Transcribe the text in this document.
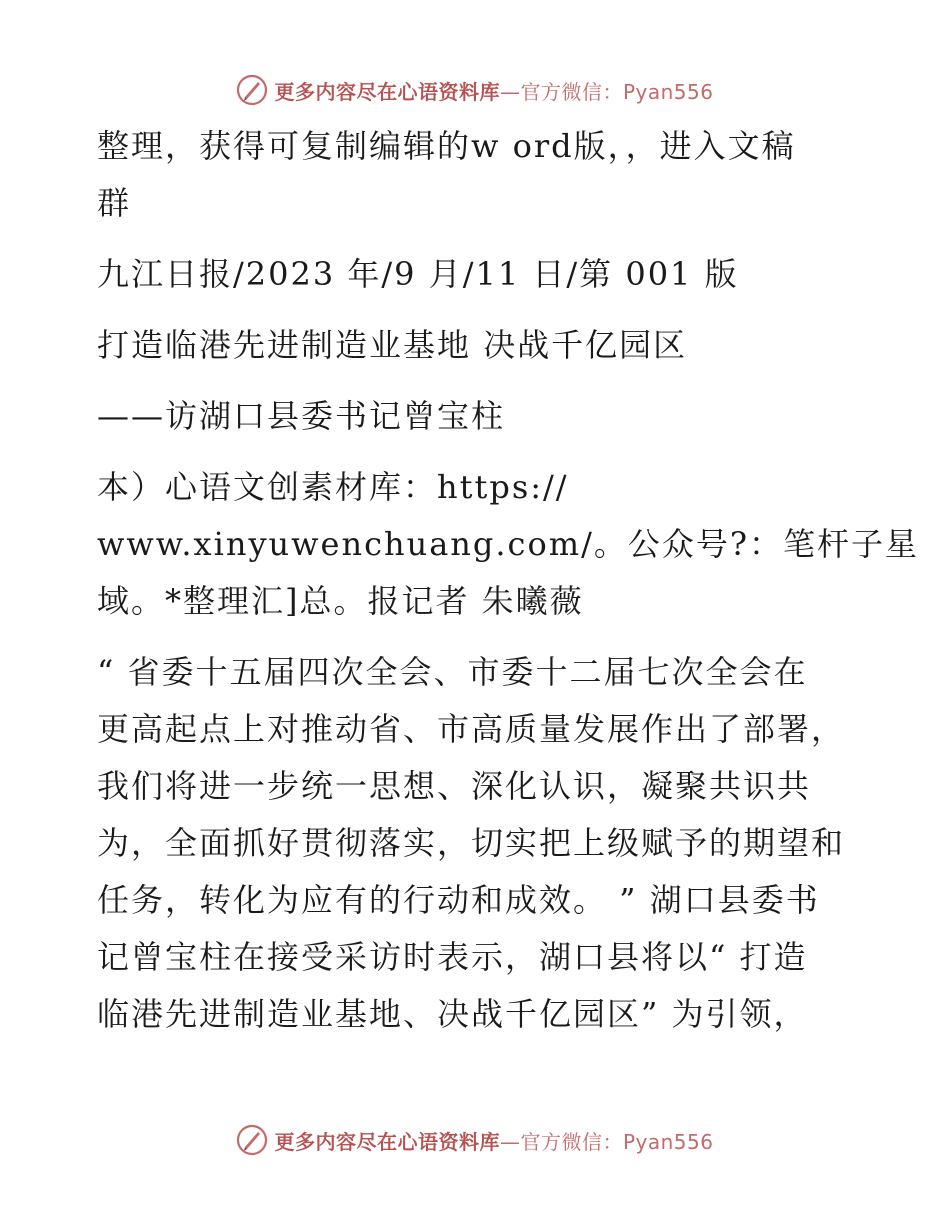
更多内容尽在心语资料库—官方微信：Pyan556
整理，获得可复制编辑的w ord版，，进入文稿
群
九江日报/2023 年/9 月/11 日/第 001 版
打造临港先进制造业基地 决战千亿园区
——访湖口县委书记曾宝柱
本）心语文创素材库：https://
www.xinyuwenchuang.com/。公众号?：笔杆子星
域。*整理汇]总。报记者 朱曦薇
“ 省委十五届四次全会、市委十二届七次全会在
更高起点上对推动省、市高质量发展作出了部署，
我们将进一步统一思想、深化认识，凝聚共识共
为，全面抓好贯彻落实，切实把上级赋予的期望和
任务，转化为应有的行动和成效。 ” 湖口县委书
记曾宝柱在接受采访时表示，湖口县将以“ 打造
临港先进制造业基地、决战千亿园区” 为引领，
更多内容尽在心语资料库—官方微信：Pyan556
